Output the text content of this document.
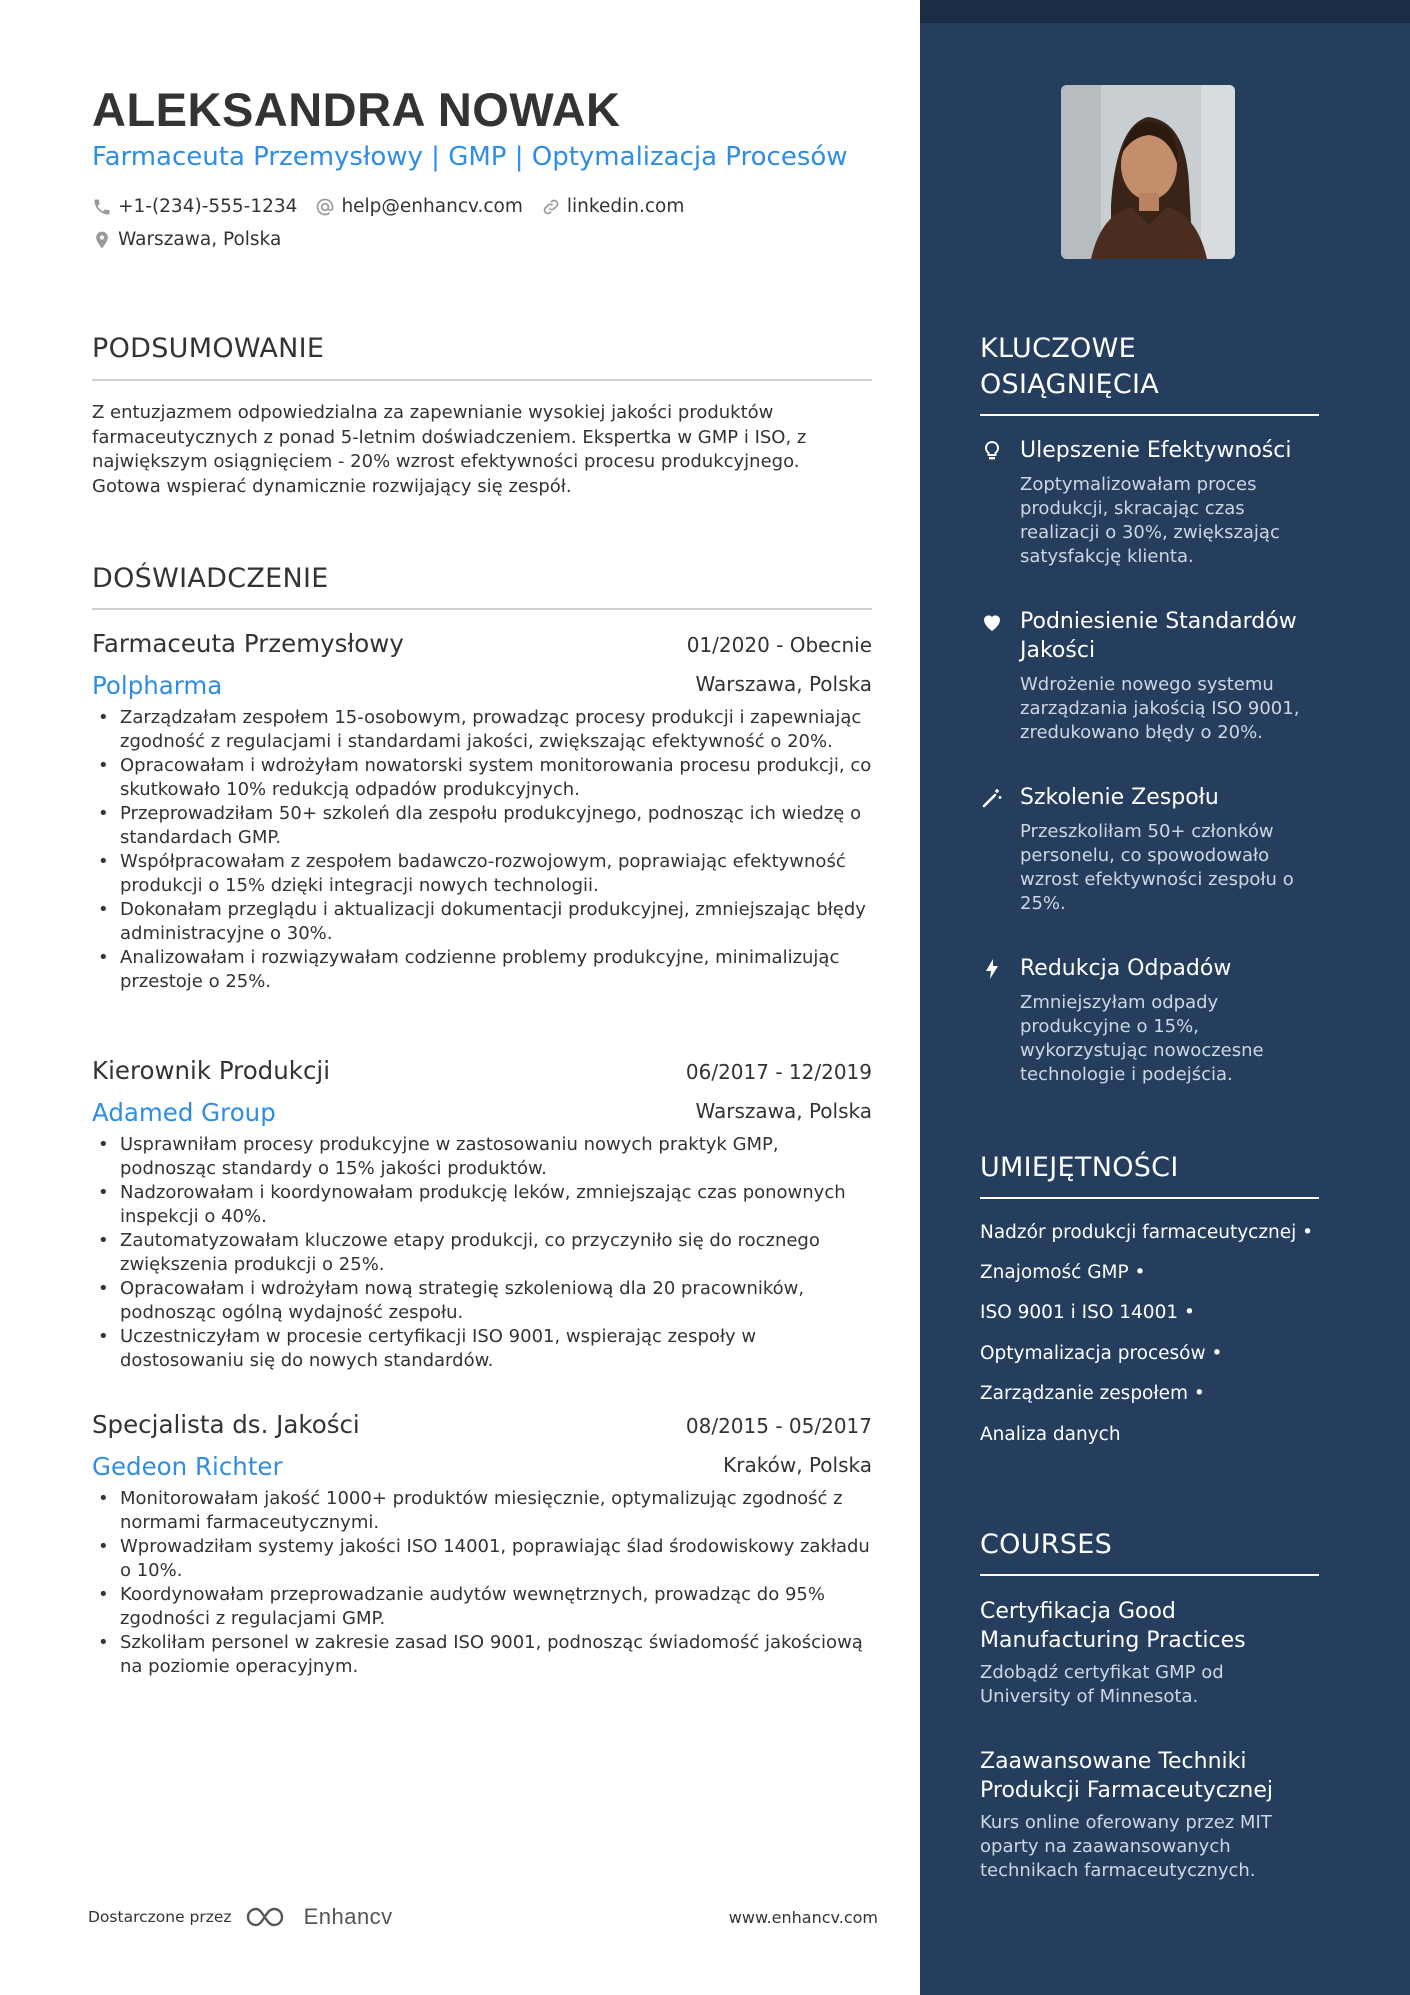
ALEKSANDRA NOWAK
Farmaceuta Przemysłowy | GMP | Optymalizacja Procesów
+1-(234)-555-1234 help@enhancv.com linkedin.com
Warszawa, Polska
PODSUMOWANIE
Z entuzjazmem odpowiedzialna za zapewnianie wysokiej jakości produktów farmaceutycznych z ponad 5-letnim doświadczeniem. Ekspertka w GMP i ISO, z największym osiągnięciem - 20% wzrost efektywności procesu produkcyjnego. Gotowa wspierać dynamicznie rozwijający się zespół.
DOŚWIADCZENIE
Farmaceuta Przemysłowy	01/2020 - Obecnie
Polpharma	Warszawa, Polska
• Zarządzałam zespołem 15-osobowym, prowadząc procesy produkcji i zapewniając zgodność z regulacjami i standardami jakości, zwiększając efektywność o 20%.
• Opracowałam i wdrożyłam nowatorski system monitorowania procesu produkcji, co skutkowało 10% redukcją odpadów produkcyjnych.
• Przeprowadziłam 50+ szkoleń dla zespołu produkcyjnego, podnosząc ich wiedzę o standardach GMP.
• Współpracowałam z zespołem badawczo-rozwojowym, poprawiając efektywność produkcji o 15% dzięki integracji nowych technologii.
• Dokonałam przeglądu i aktualizacji dokumentacji produkcyjnej, zmniejszając błędy administracyjne o 30%.
• Analizowałam i rozwiązywałam codzienne problemy produkcyjne, minimalizując przestoje o 25%.
Kierownik Produkcji	06/2017 - 12/2019
Adamed Group	Warszawa, Polska
• Usprawniłam procesy produkcyjne w zastosowaniu nowych praktyk GMP, podnosząc standardy o 15% jakości produktów.
• Nadzorowałam i koordynowałam produkcję leków, zmniejszając czas ponownych inspekcji o 40%.
• Zautomatyzowałam kluczowe etapy produkcji, co przyczyniło się do rocznego zwiększenia produkcji o 25%.
• Opracowałam i wdrożyłam nową strategię szkoleniową dla 20 pracowników, podnosząc ogólną wydajność zespołu.
• Uczestniczyłam w procesie certyfikacji ISO 9001, wspierając zespoły w dostosowaniu się do nowych standardów.
Specjalista ds. Jakości	08/2015 - 05/2017
Gedeon Richter	Kraków, Polska
• Monitorowałam jakość 1000+ produktów miesięcznie, optymalizując zgodność z normami farmaceutycznymi.
• Wprowadziłam systemy jakości ISO 14001, poprawiając ślad środowiskowy zakładu o 10%.
• Koordynowałam przeprowadzanie audytów wewnętrznych, prowadząc do 95% zgodności z regulacjami GMP.
• Szkoliłam personel w zakresie zasad ISO 9001, podnosząc świadomość jakościową na poziomie operacyjnym.
Dostarczone przez	Enhancv	www.enhancv.com
KLUCZOWE
OSIĄGNIĘCIA
Ulepszenie Efektywności
Zoptymalizowałam proces produkcji, skracając czas realizacji o 30%, zwiększając satysfakcję klienta.
Podniesienie Standardów Jakości
Wdrożenie nowego systemu zarządzania jakością ISO 9001, zredukowano błędy o 20%.
Szkolenie Zespołu
Przeszkoliłam 50+ członków personelu, co spowodowało wzrost efektywności zespołu o 25%.
Redukcja Odpadów
Zmniejszyłam odpady produkcyjne o 15%, wykorzystując nowoczesne technologie i podejścia.
UMIEJĘTNOŚCI
Nadzór produkcji farmaceutycznej •
Znajomość GMP •
ISO 9001 i ISO 14001 •
Optymalizacja procesów •
Zarządzanie zespołem •
Analiza danych
COURSES
Certyfikacja Good Manufacturing Practices
Zdobądź certyfikat GMP od University of Minnesota.
Zaawansowane Techniki Produkcji Farmaceutycznej
Kurs online oferowany przez MIT oparty na zaawansowanych technikach farmaceutycznych.
